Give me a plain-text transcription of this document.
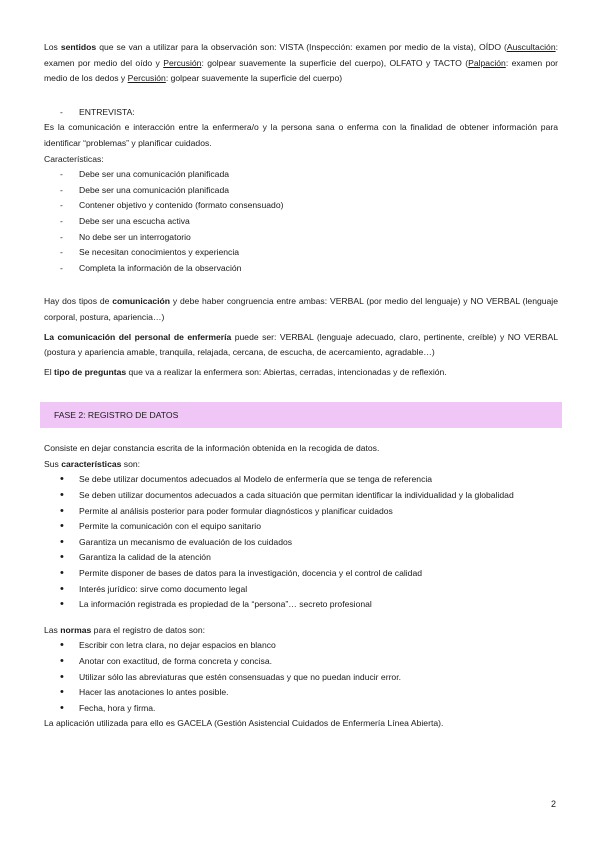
Los sentidos que se van a utilizar para la observación son: VISTA (Inspección: examen por medio de la vista), OÍDO (Auscultación: examen por medio del oído y Percusión: golpear suavemente la superficie del cuerpo), OLFATO y TACTO (Palpación: examen por medio de los dedos y Percusión: golpear suavemente la superficie del cuerpo)

- ENTREVISTA:

Es la comunicación e interacción entre la enfermera/o y la persona sana o enferma con la finalidad de obtener información para identificar “problemas” y planificar cuidados.

Características:

- Debe ser una comunicación planificada
- Debe ser una comunicación planificada
- Contener objetivo y contenido (formato consensuado)
- Debe ser una escucha activa
- No debe ser un interrogatorio
- Se necesitan conocimientos y experiencia
- Completa la información de la observación

Hay dos tipos de comunicación y debe haber congruencia entre ambas: VERBAL (por medio del lenguaje) y NO VERBAL (lenguaje corporal, postura, apariencia…)

La comunicación del personal de enfermería puede ser: VERBAL (lenguaje adecuado, claro, pertinente, creíble) y NO VERBAL (postura y apariencia amable, tranquila, relajada, cercana, de escucha, de acercamiento, agradable…)

El tipo de preguntas que va a realizar la enfermera son: Abiertas, cerradas, intencionadas y de reflexión.

FASE 2: REGISTRO DE DATOS

Consiste en dejar constancia escrita de la información obtenida en la recogida de datos.

Sus características son:

• Se debe utilizar documentos adecuados al Modelo de enfermería que se tenga de referencia
• Se deben utilizar documentos adecuados a cada situación que permitan identificar la individualidad y la globalidad
• Permite al análisis posterior para poder formular diagnósticos y planificar cuidados
• Permite la comunicación con el equipo sanitario
• Garantiza un mecanismo de evaluación de los cuidados
• Garantiza la calidad de la atención
• Permite disponer de bases de datos para la investigación, docencia y el control de calidad
• Interés jurídico: sirve como documento legal
• La información registrada es propiedad de la “persona”… secreto profesional

Las normas para el registro de datos son:

• Escribir con letra clara, no dejar espacios en blanco
• Anotar con exactitud, de forma concreta y concisa.
• Utilizar sólo las abreviaturas que estén consensuadas y que no puedan inducir error.
• Hacer las anotaciones lo antes posible.
• Fecha, hora y firma.

La aplicación utilizada para ello es GACELA (Gestión Asistencial Cuidados de Enfermería Línea Abierta).

2
